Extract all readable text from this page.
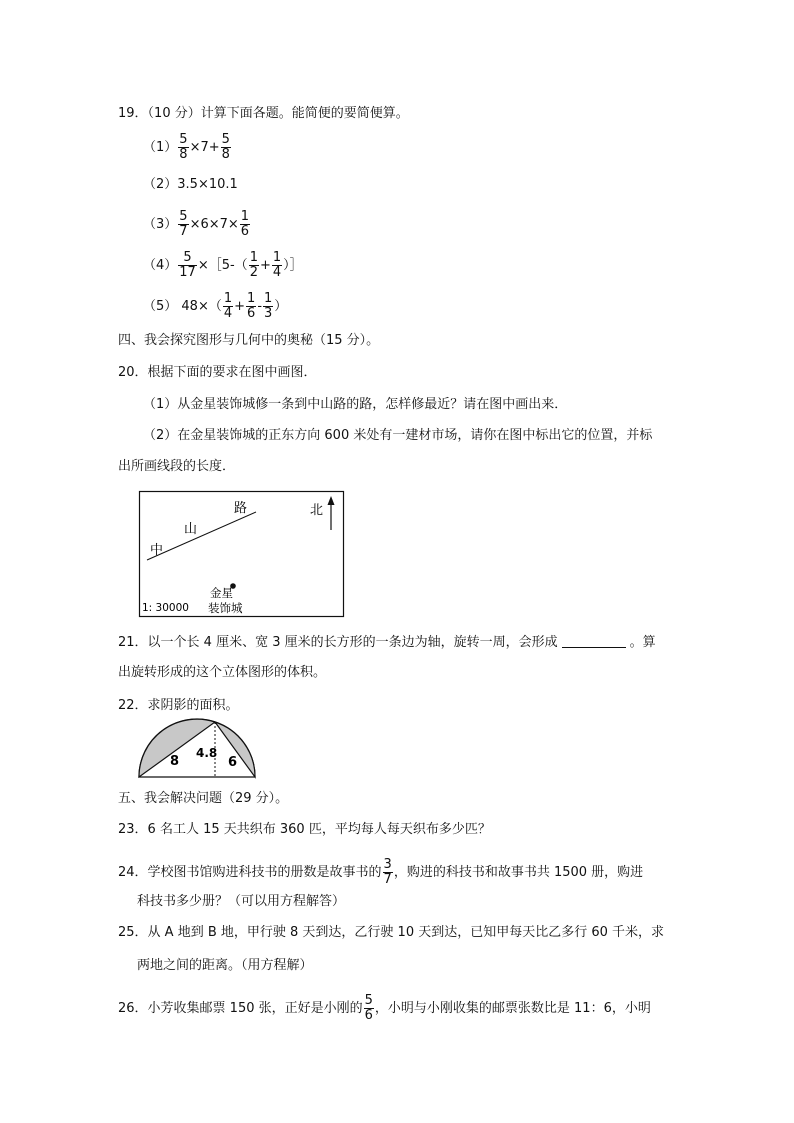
19．（10 分）计算下面各题。能简便的要简便算。
$(1) \frac{5}{8} \times 7+ \frac{5}{8}$
（2）3.5×10.1
$(3) \frac{5}{7} \times 6\times 7\times \frac{1}{6}$
$(4) \frac{5}{17}$ ×［5-（ $\frac{1}{2} + \frac{1}{4}$ ）］
（5） $48\times( \frac{1}{4} + \frac{1}{6} - \frac{1}{3}$ ）
四、我会探究图形与几何中的奥秘（15 分）。
20．根据下面的要求在图中画图．
（1）从金星装饰城修一条到中山路的路，怎样修最近？请在图中画出来．
（2）在金星装饰城的正东方向 600 米处有一建材市场，请你在图中标出它的位置，并标
出所画线段的长度．
路
山
中
北
金星
装饰城
1: 30000
21．以一个长 4 厘米、宽 3 厘米的长方形的一条边为轴，旋转一周，会形成	。算
出旋转形成的这个立体图形的体积。
22．求阴影的面积。
8
4.8
6
五、我会解决问题（29 分）。
23．6 名工人 15 天共织布 360 匹，平均每人每天织布多少匹？
24．学校图书馆购进科技书的册数是故事书的 $\frac{3}{7}$ ，购进的科技书和故事书共 1500 册，购进
科技书多少册？（可以用方程解答）
25．从 A 地到 B 地，甲行驶 8 天到达，乙行驶 10 天到达，已知甲每天比乙多行 60 千米，求
两地之间的距离。（用方程解）
26．小芳收集邮票 150 张，正好是小刚的 $\frac{5}{6}$ ，小明与小刚收集的邮票张数比是 11：6，小明
